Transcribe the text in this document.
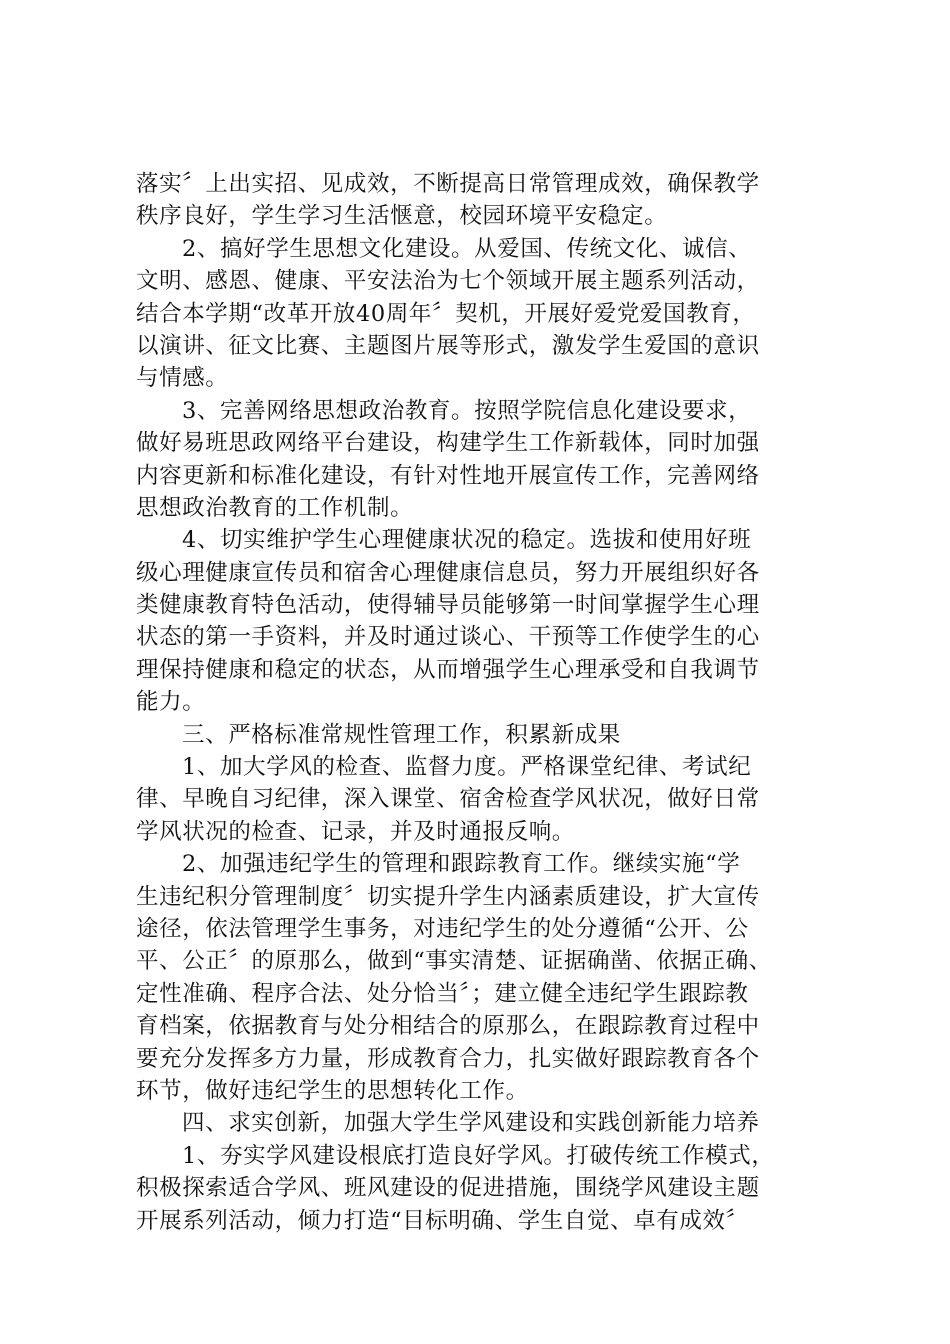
落实〞上出实招、见成效，不断提高日常管理成效，确保教学
秩序良好，学生学习生活惬意，校园环境平安稳定。
2、搞好学生思想文化建设。从爱国、传统文化、诚信、
文明、感恩、健康、平安法治为七个领域开展主题系列活动，
结合本学期“改革开放40周年〞契机，开展好爱党爱国教育，
以演讲、征文比赛、主题图片展等形式，激发学生爱国的意识
与情感。
3、完善网络思想政治教育。按照学院信息化建设要求，
做好易班思政网络平台建设，构建学生工作新载体，同时加强
内容更新和标准化建设，有针对性地开展宣传工作，完善网络
思想政治教育的工作机制。
4、切实维护学生心理健康状况的稳定。选拔和使用好班
级心理健康宣传员和宿舍心理健康信息员，努力开展组织好各
类健康教育特色活动，使得辅导员能够第一时间掌握学生心理
状态的第一手资料，并及时通过谈心、干预等工作使学生的心
理保持健康和稳定的状态，从而增强学生心理承受和自我调节
能力。
三、严格标准常规性管理工作，积累新成果
1、加大学风的检查、监督力度。严格课堂纪律、考试纪
律、早晚自习纪律，深入课堂、宿舍检查学风状况，做好日常
学风状况的检查、记录，并及时通报反响。
2、加强违纪学生的管理和跟踪教育工作。继续实施“学
生违纪积分管理制度〞切实提升学生内涵素质建设，扩大宣传
途径，依法管理学生事务，对违纪学生的处分遵循“公开、公
平、公正〞的原那么，做到“事实清楚、证据确凿、依据正确、
定性准确、程序合法、处分恰当〞；建立健全违纪学生跟踪教
育档案，依据教育与处分相结合的原那么，在跟踪教育过程中
要充分发挥多方力量，形成教育合力，扎实做好跟踪教育各个
环节，做好违纪学生的思想转化工作。
四、求实创新，加强大学生学风建设和实践创新能力培养
1、夯实学风建设根底打造良好学风。打破传统工作模式，
积极探索适合学风、班风建设的促进措施，围绕学风建设主题
开展系列活动，倾力打造“目标明确、学生自觉、卓有成效〞
